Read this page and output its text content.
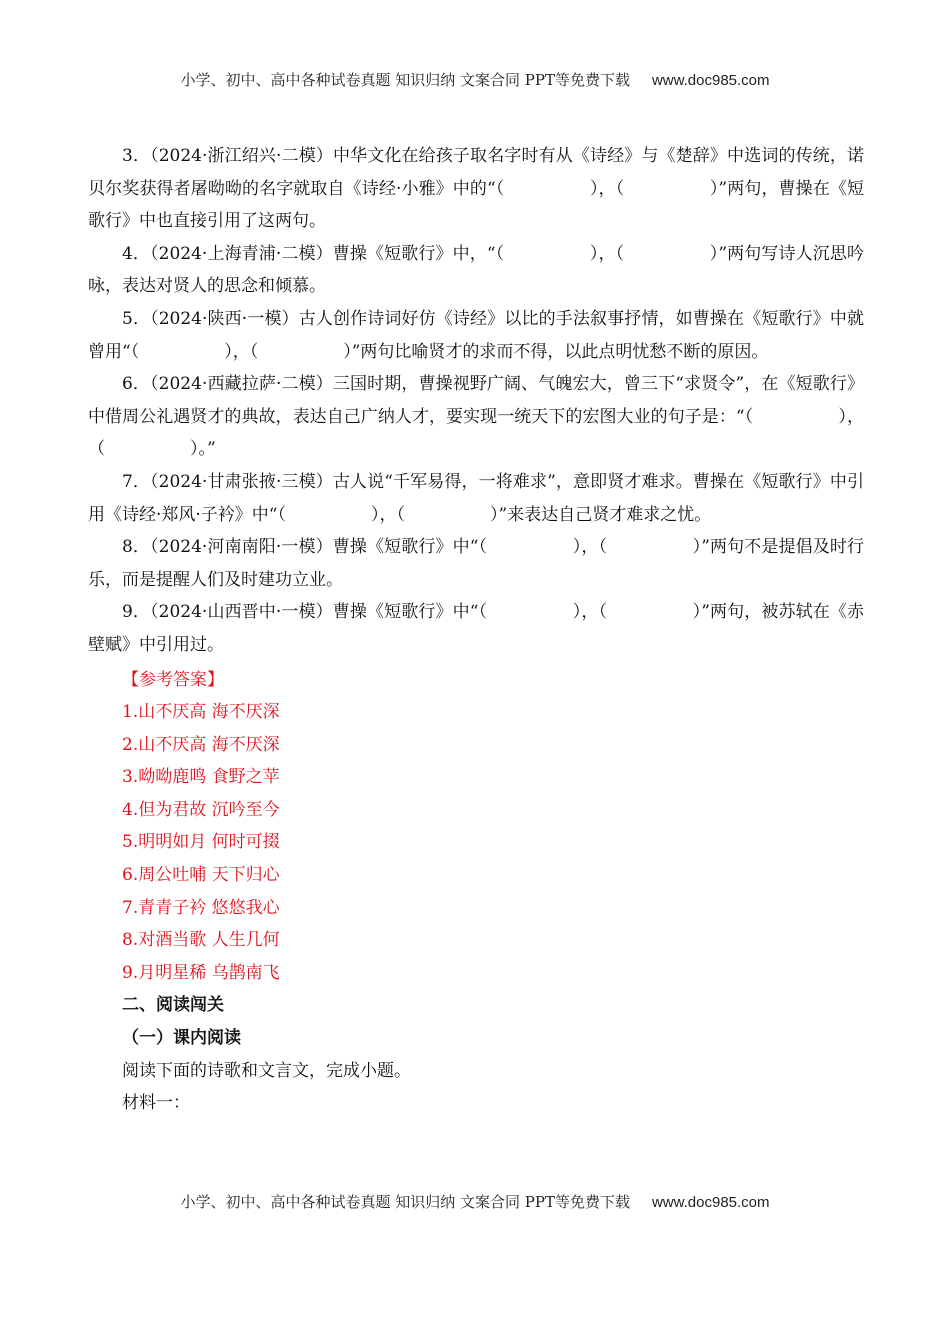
小学、初中、高中各种试卷真题 知识归纳 文案合同 PPT等免费下载 www.doc985.com

3．（2024·浙江绍兴·二模）中华文化在给孩子取名字时有从《诗经》与《楚辞》中选词的传统，诺贝尔奖获得者屠呦呦的名字就取自《诗经·小雅》中的“（　　　　　），（　　　　　）”两句，曹操在《短歌行》中也直接引用了这两句。

4．（2024·上海青浦·二模）曹操《短歌行》中，“（　　　　　），（　　　　　）”两句写诗人沉思吟咏，表达对贤人的思念和倾慕。

5．（2024·陕西·一模）古人创作诗词好仿《诗经》以比的手法叙事抒情，如曹操在《短歌行》中就曾用“（　　　　　），（　　　　　）”两句比喻贤才的求而不得，以此点明忧愁不断的原因。

6．（2024·西藏拉萨·二模）三国时期，曹操视野广阔、气魄宏大，曾三下“求贤令”，在《短歌行》中借周公礼遇贤才的典故，表达自己广纳人才，要实现一统天下的宏图大业的句子是：“（　　　　　），（　　　　　）。”

7．（2024·甘肃张掖·三模）古人说“千军易得，一将难求”，意即贤才难求。曹操在《短歌行》中引用《诗经·郑风·子衿》中“（　　　　　），（　　　　　）”来表达自己贤才难求之忧。

8．（2024·河南南阳·一模）曹操《短歌行》中“（　　　　　），（　　　　　）”两句不是提倡及时行乐，而是提醒人们及时建功立业。

9．（2024·山西晋中·一模）曹操《短歌行》中“（　　　　　），（　　　　　）”两句，被苏轼在《赤壁赋》中引用过。

【参考答案】

1.山不厌高 海不厌深
2.山不厌高 海不厌深
3.呦呦鹿鸣 食野之苹
4.但为君故 沉吟至今
5.明明如月 何时可掇
6.周公吐哺 天下归心
7.青青子衿 悠悠我心
8.对酒当歌 人生几何
9.月明星稀 乌鹊南飞

二、阅读闯关

（一）课内阅读

阅读下面的诗歌和文言文，完成小题。

材料一：

小学、初中、高中各种试卷真题 知识归纳 文案合同 PPT等免费下载 www.doc985.com
